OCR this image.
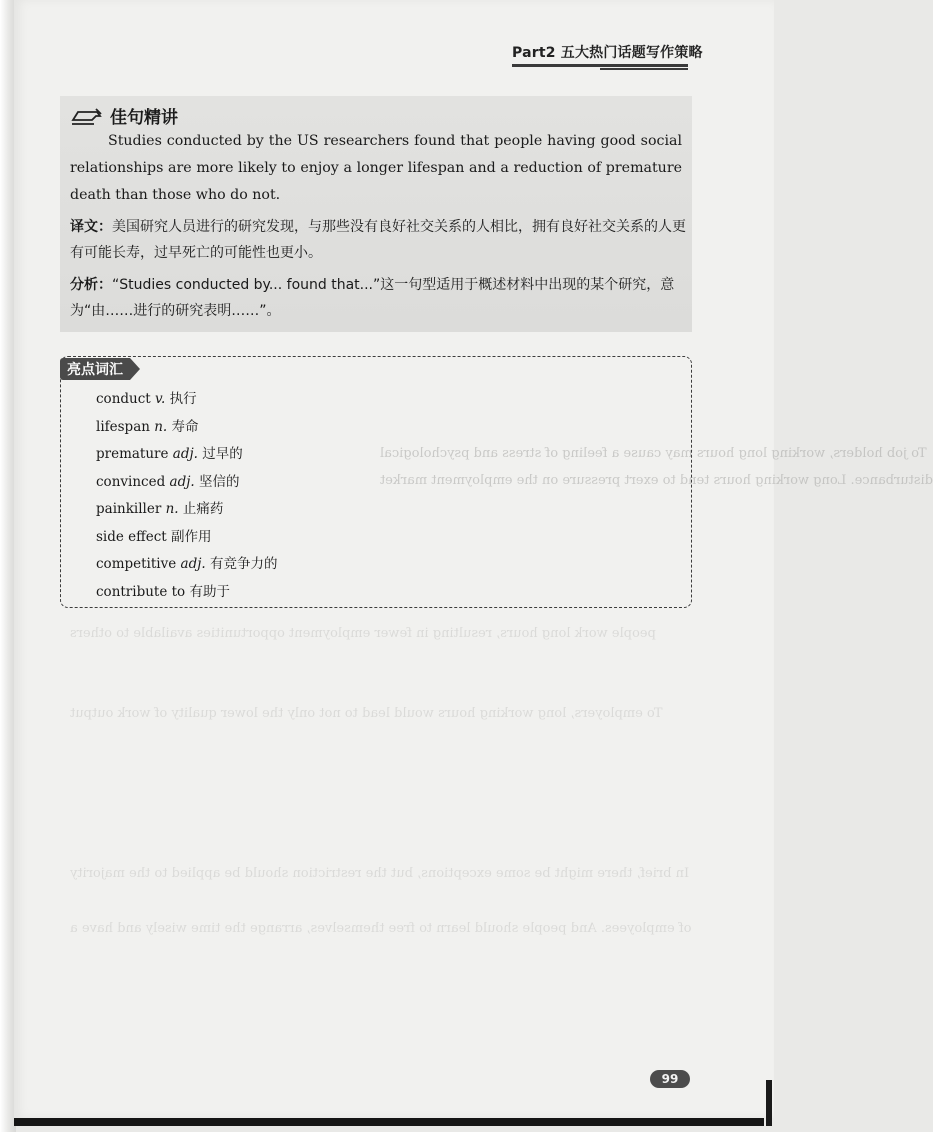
To job holders, working long hours may cause a feeling of stress and psychological
disturbance. Long working hours tend to exert pressure on the employment market
people work long hours, resulting in fewer employment opportunities available to others
To employers, long working hours would lead to not only the lower quality of work output
In brief, there might be some exceptions, but the restriction should be applied to the majority
of employees. And people should learn to free themselves, arrange the time wisely and have a
Part2 五大热门话题写作策略
佳句精讲
Studies conducted by the US researchers found that people having good social relationships are more likely to enjoy a longer lifespan and a reduction of premature death than those who do not.
译文：美国研究人员进行的研究发现，与那些没有良好社交关系的人相比，拥有良好社交关系的人更有可能长寿，过早死亡的可能性也更小。
分析：“Studies conducted by... found that...”这一句型适用于概述材料中出现的某个研究，意为“由……进行的研究表明……”。
亮点词汇
conduct v. 执行
lifespan n. 寿命
premature adj. 过早的
convinced adj. 坚信的
painkiller n. 止痛药
side effect 副作用
competitive adj. 有竞争力的
contribute to 有助于
99
